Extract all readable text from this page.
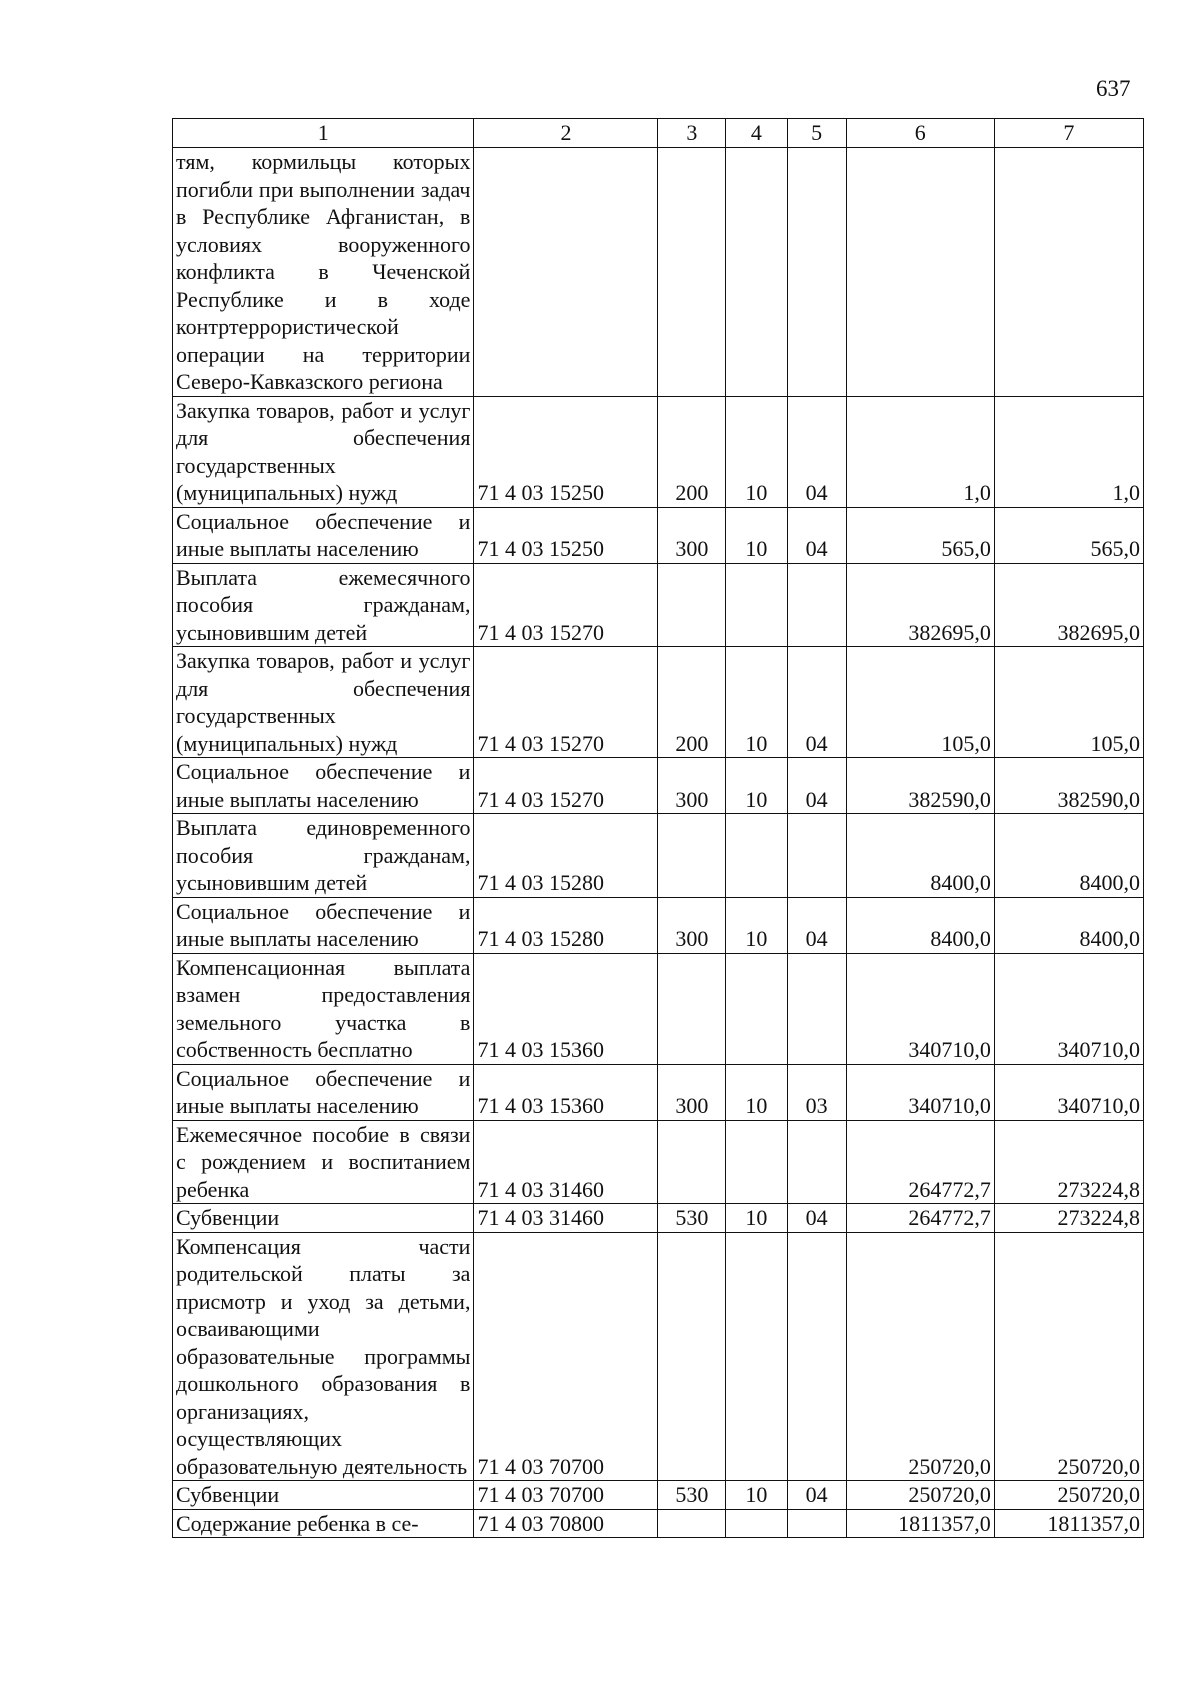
637
1	2	3	4	5	6	7
тям, кормильцы которых погибли при выполнении задач в Республике Афганистан, в условиях вооруженного конфликта в Чеченской Республике и в ходе контртеррористической операции на территории Северо-Кавказского региона						
Закупка товаров, работ и услуг для обеспечения государственных (муниципальных) нужд	71 4 03 15250	200	10	04	1,0	1,0
Социальное обеспечение и иные выплаты населению	71 4 03 15250	300	10	04	565,0	565,0
Выплата ежемесячного пособия гражданам, усыновившим детей	71 4 03 15270				382695,0	382695,0
Закупка товаров, работ и услуг для обеспечения государственных (муниципальных) нужд	71 4 03 15270	200	10	04	105,0	105,0
Социальное обеспечение и иные выплаты населению	71 4 03 15270	300	10	04	382590,0	382590,0
Выплата единовременного пособия гражданам, усыновившим детей	71 4 03 15280				8400,0	8400,0
Социальное обеспечение и иные выплаты населению	71 4 03 15280	300	10	04	8400,0	8400,0
Компенсационная выплата взамен предоставления земельного участка в собственность бесплатно	71 4 03 15360				340710,0	340710,0
Социальное обеспечение и иные выплаты населению	71 4 03 15360	300	10	03	340710,0	340710,0
Ежемесячное пособие в связи с рождением и воспитанием ребенка	71 4 03 31460				264772,7	273224,8
Субвенции	71 4 03 31460	530	10	04	264772,7	273224,8
Компенсация части родительской платы за присмотр и уход за детьми, осваивающими образовательные программы дошкольного образования в организациях, осуществляющих образовательную деятельность	71 4 03 70700				250720,0	250720,0
Субвенции	71 4 03 70700	530	10	04	250720,0	250720,0
Содержание ребенка в се-	71 4 03 70800				1811357,0	1811357,0
